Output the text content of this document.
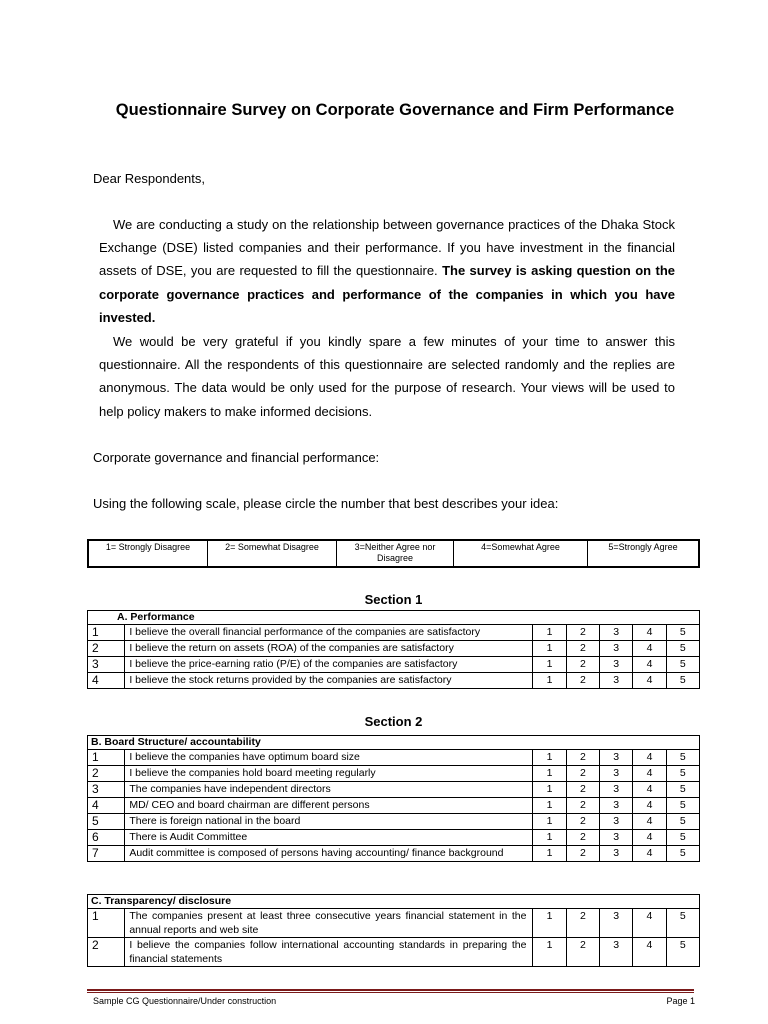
Questionnaire Survey on Corporate Governance and Firm Performance
Dear Respondents,

We are conducting a study on the relationship between governance practices of the Dhaka Stock Exchange (DSE) listed companies and their performance. If you have investment in the financial assets of DSE, you are requested to fill the questionnaire. The survey is asking question on the corporate governance practices and performance of the companies in which you have invested.

We would be very grateful if you kindly spare a few minutes of your time to answer this questionnaire. All the respondents of this questionnaire are selected randomly and the replies are anonymous. The data would be only used for the purpose of research. Your views will be used to help policy makers to make informed decisions.

Corporate governance and financial performance:
Using the following scale, please circle the number that best describes your idea:
1= Strongly Disagree	2= Somewhat Disagree	3=Neither Agree nor Disagree	4=Somewhat Agree	5=Strongly Agree
Section 1
A. Performance						
1	I believe the overall financial performance of the companies are satisfactory	1	2	3	4	5
2	I believe the return on assets (ROA) of the companies are satisfactory	1	2	3	4	5
3	I believe the price-earning ratio (P/E) of the companies are satisfactory	1	2	3	4	5
4	I believe the stock returns provided by the companies are satisfactory	1	2	3	4	5
Section 2
B. Board Structure/ accountability						
1	I believe the companies have optimum board size	1	2	3	4	5
2	I believe the companies hold board meeting regularly	1	2	3	4	5
3	The companies have independent directors	1	2	3	4	5
4	MD/ CEO and board chairman are different persons	1	2	3	4	5
5	There is foreign national in the board	1	2	3	4	5
6	There is Audit Committee	1	2	3	4	5
7	Audit committee is composed of persons having accounting/ finance background	1	2	3	4	5
C. Transparency/ disclosure						
1	The companies present at least three consecutive years financial statement in the annual reports and web site	1	2	3	4	5
2	I believe the companies follow international accounting standards in preparing the financial statements	1	2	3	4	5
Sample CG Questionnaire/Under construction	Page 1
